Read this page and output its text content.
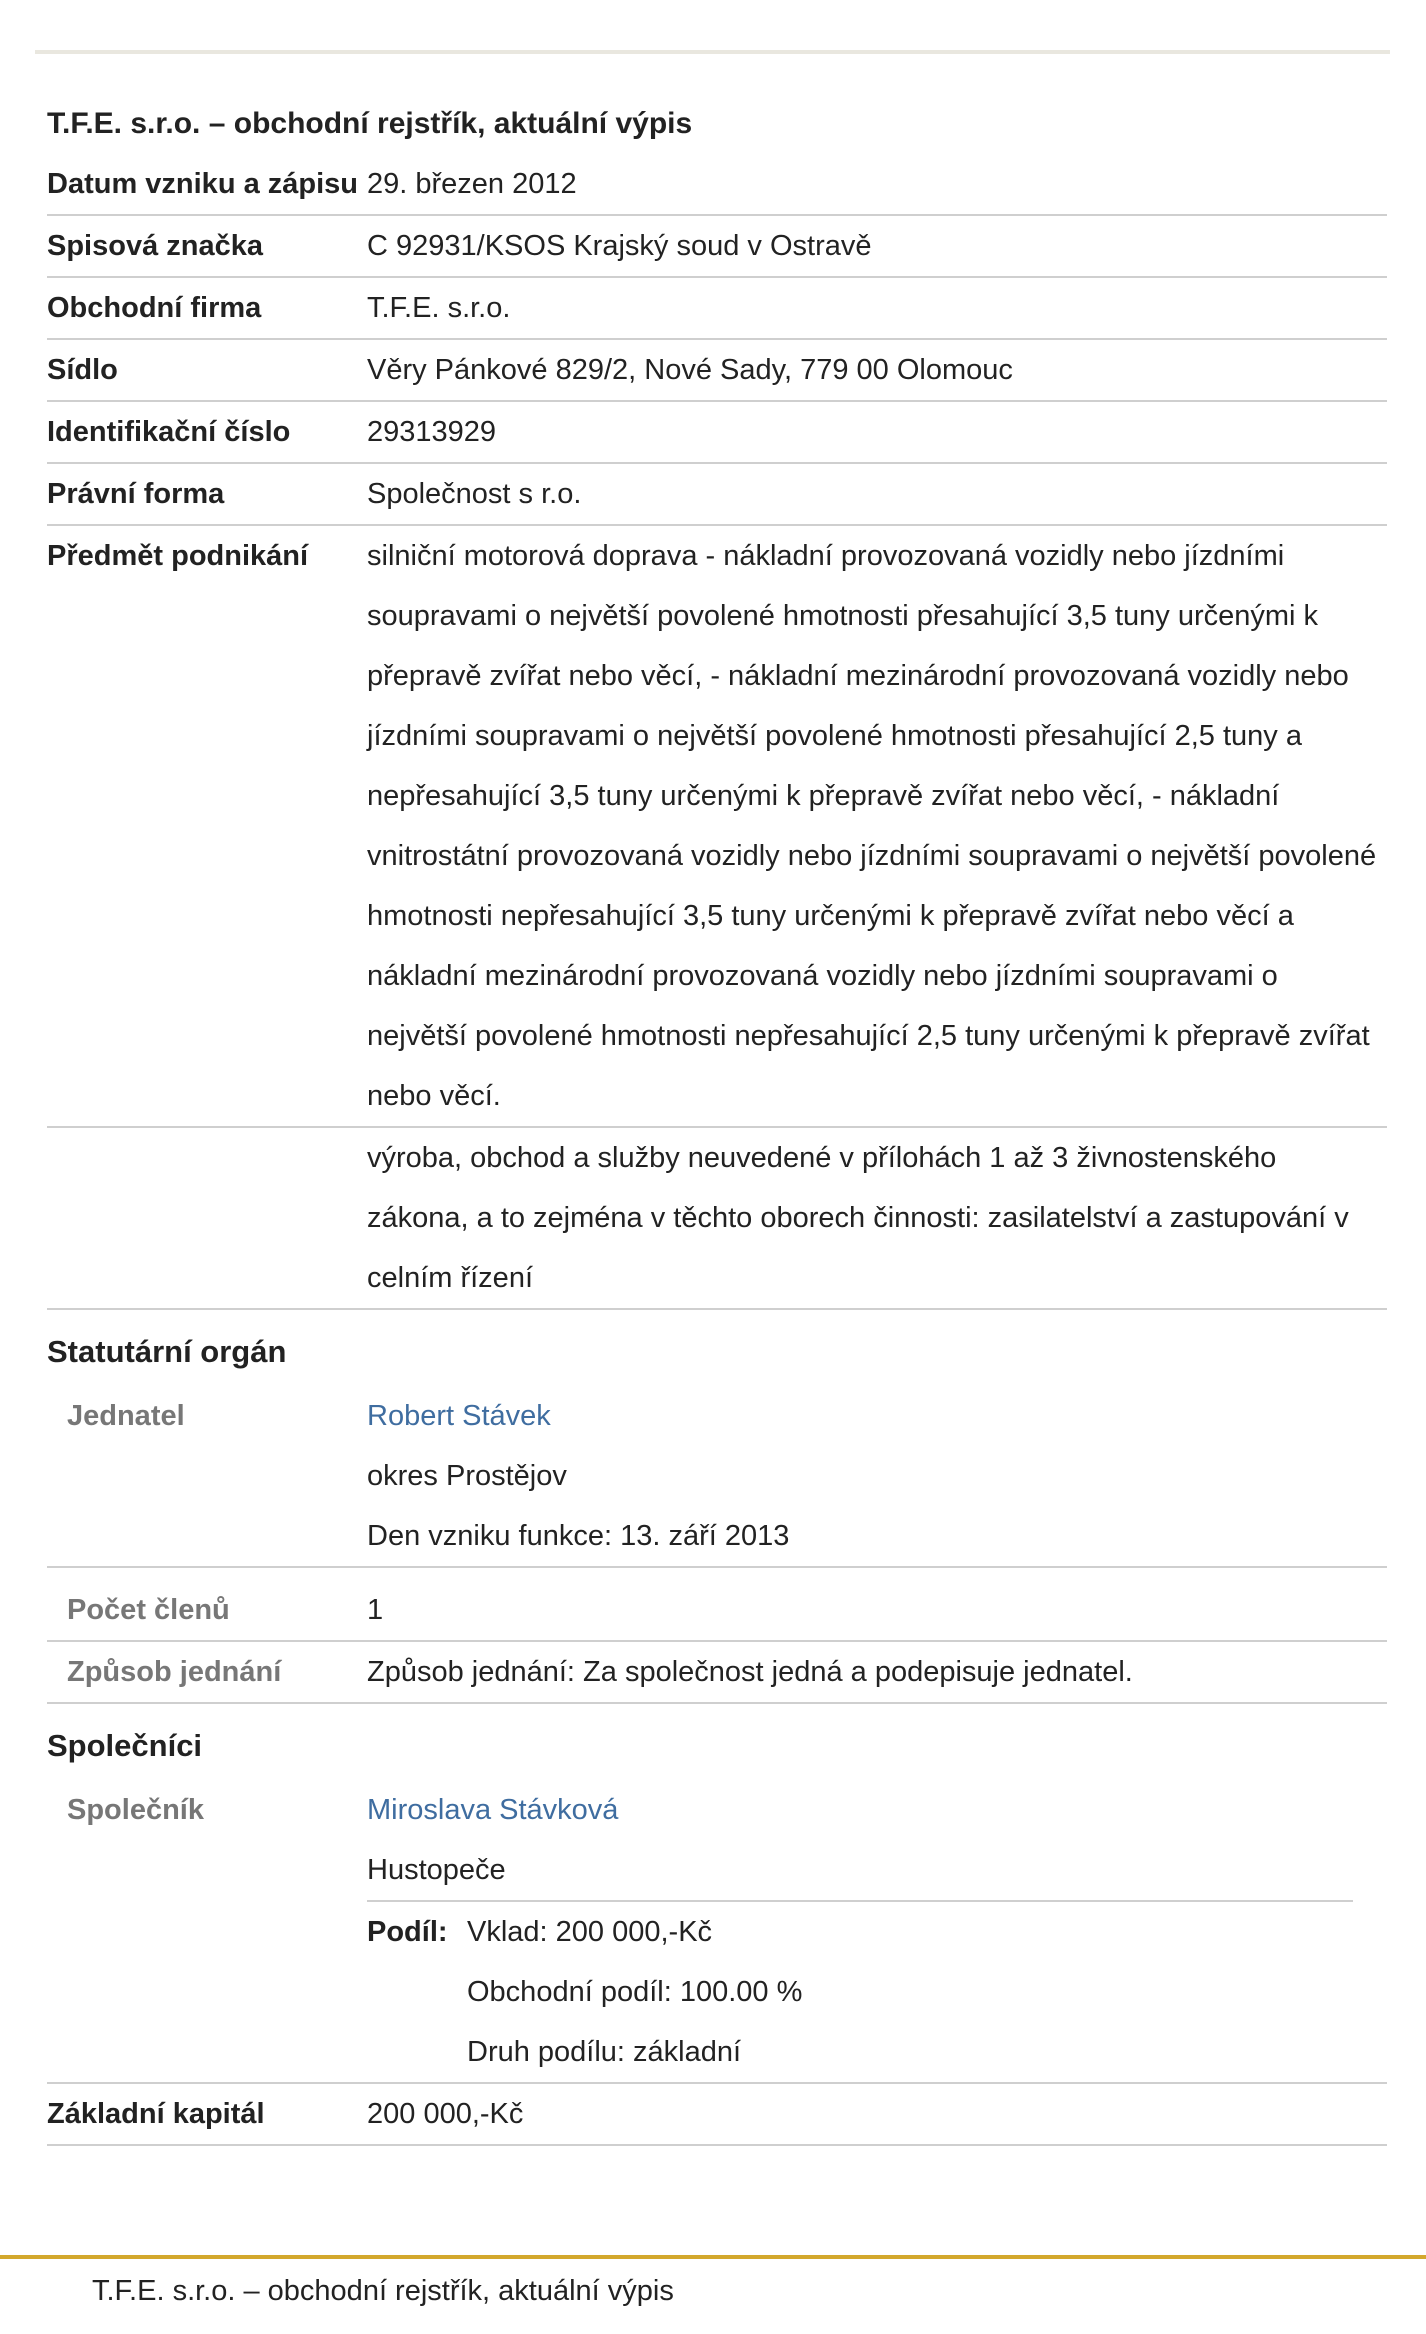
T.F.E. s.r.o. – obchodní rejstřík, aktuální výpis
Datum vzniku a zápisu 29. březen 2012
Spisová značka	C 92931/KSOS Krajský soud v Ostravě
Obchodní firma	T.F.E. s.r.o.
Sídlo	Věry Pánkové 829/2, Nové Sady, 779 00 Olomouc
Identifikační číslo	29313929
Právní forma	Společnost s r.o.
Předmět podnikání	silniční motorová doprava - nákladní provozovaná vozidly nebo jízdními soupravami o největší povolené hmotnosti přesahující 3,5 tuny určenými k přepravě zvířat nebo věcí, - nákladní mezinárodní provozovaná vozidly nebo jízdními soupravami o největší povolené hmotnosti přesahující 2,5 tuny a nepřesahující 3,5 tuny určenými k přepravě zvířat nebo věcí, - nákladní vnitrostátní provozovaná vozidly nebo jízdními soupravami o největší povolené hmotnosti nepřesahující 3,5 tuny určenými k přepravě zvířat nebo věcí a nákladní mezinárodní provozovaná vozidly nebo jízdními soupravami o největší povolené hmotnosti nepřesahující 2,5 tuny určenými k přepravě zvířat nebo věcí.
výroba, obchod a služby neuvedené v přílohách 1 až 3 živnostenského zákona, a to zejména v těchto oborech činnosti: zasilatelství a zastupování v celním řízení
Statutární orgán
Jednatel	Robert Stávek
okres Prostějov
Den vzniku funkce: 13. září 2013
Počet členů	1
Způsob jednání	Způsob jednání: Za společnost jedná a podepisuje jednatel.
Společníci
Společník	Miroslava Stávková
Hustopeče
Podíl: Vklad: 200 000,-Kč
Obchodní podíl: 100.00 %
Druh podílu: základní
Základní kapitál	200 000,-Kč
T.F.E. s.r.o. – obchodní rejstřík, aktuální výpis
